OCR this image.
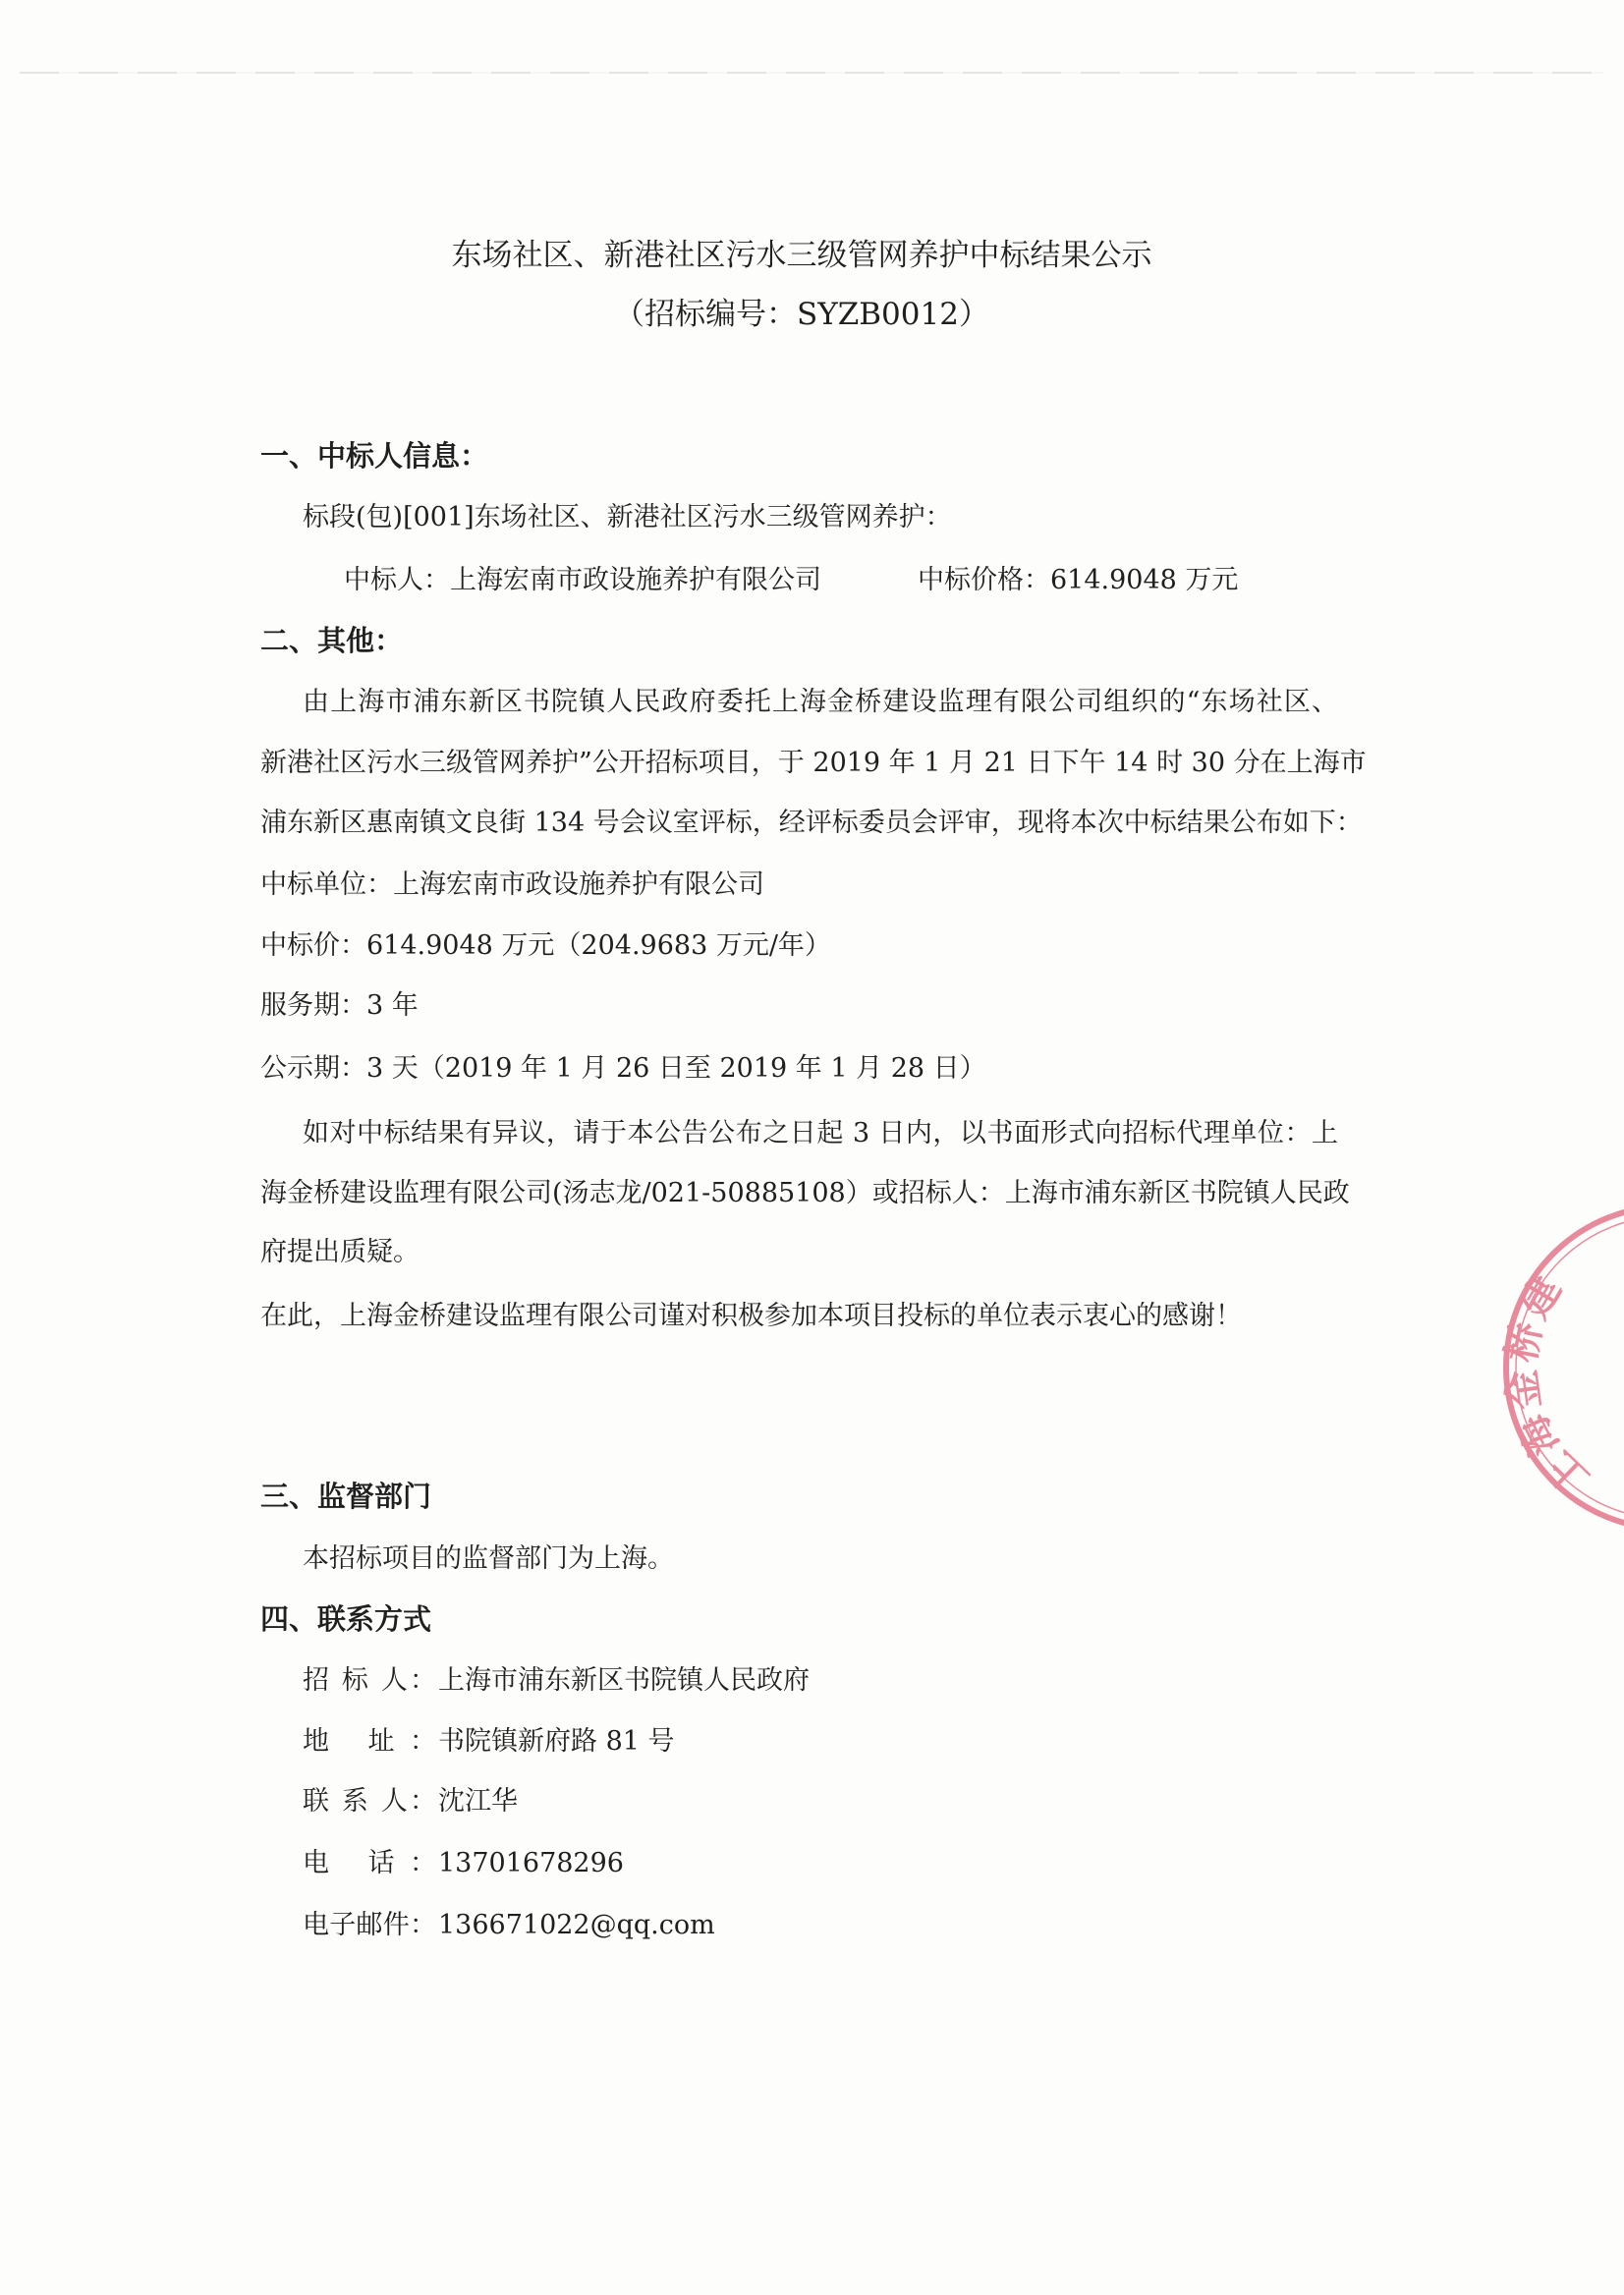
东场社区、新港社区污水三级管网养护中标结果公示
（招标编号：SYZB0012）
一、中标人信息：
标段(包)[001]东场社区、新港社区污水三级管网养护：
中标人：上海宏南市政设施养护有限公司	中标价格：614.9048 万元
二、其他：
由上海市浦东新区书院镇人民政府委托上海金桥建设监理有限公司组织的“东场社区、
新港社区污水三级管网养护”公开招标项目，于 2019 年 1 月 21 日下午 14 时 30 分在上海市
浦东新区惠南镇文良街 134 号会议室评标，经评标委员会评审，现将本次中标结果公布如下：
中标单位：上海宏南市政设施养护有限公司
中标价：614.9048 万元（204.9683 万元/年）
服务期：3 年
公示期：3 天（2019 年 1 月 26 日至 2019 年 1 月 28 日）
如对中标结果有异议，请于本公告公布之日起 3 日内，以书面形式向招标代理单位：上
海金桥建设监理有限公司(汤志龙/021-50885108）或招标人：上海市浦东新区书院镇人民政
府提出质疑。
在此，上海金桥建设监理有限公司谨对积极参加本项目投标的单位表示衷心的感谢！
三、监督部门
本招标项目的监督部门为上海。
四、联系方式
招 标 人： 上海市浦东新区书院镇人民政府
地 址： 书院镇新府路 81 号
联 系 人： 沈江华
电 话： 13701678296
电子邮件： 136671022@qq.com
上海金桥建
